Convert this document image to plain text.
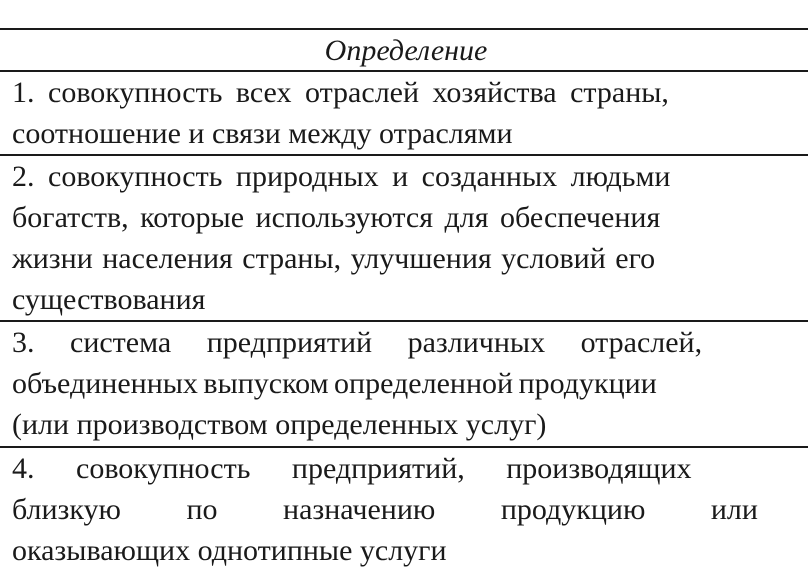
Определение
1. совокупность всех отраслей хозяйства страны,
соотношение и связи между отраслями
2. совокупность природных и созданных людьми
богатств, которые используются для обеспечения
жизни населения страны, улучшения условий его
существования
3. система предприятий различных отраслей,
объединенных выпуском определенной продукции
(или производством определенных услуг)
4. совокупность предприятий, производящих
близкую по назначению продукцию или
оказывающих однотипные услуги
